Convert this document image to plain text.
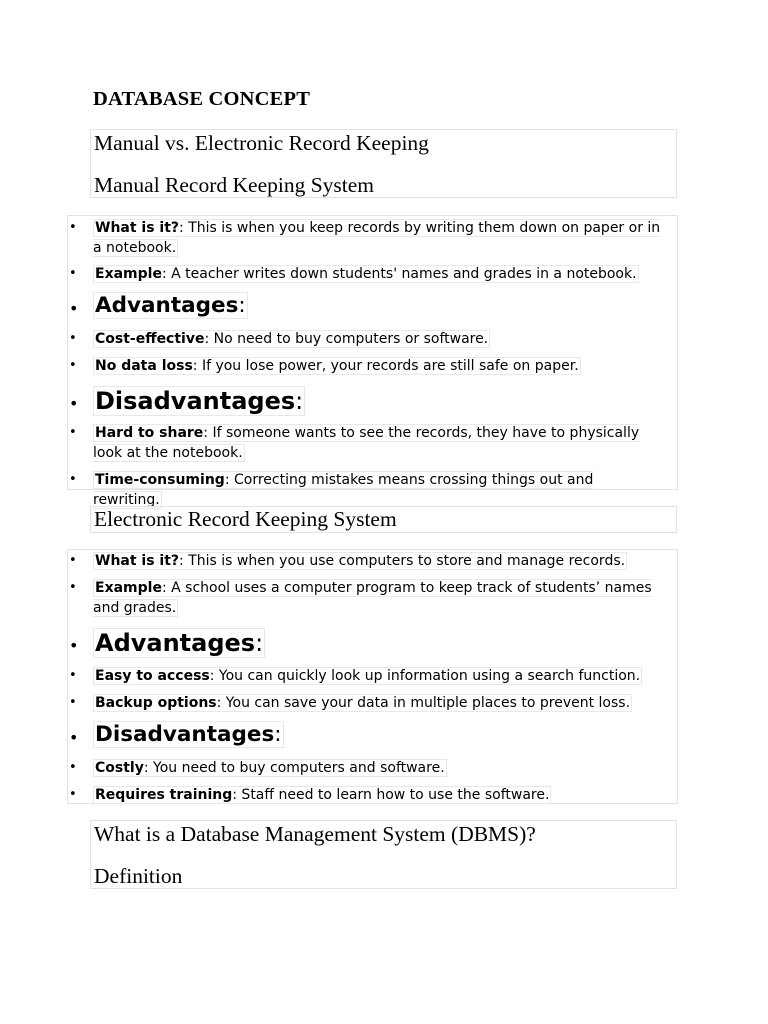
DATABASE CONCEPT
Manual vs. Electronic Record Keeping
Manual Record Keeping System
• What is it?: This is when you keep records by writing them down on paper or in a notebook.
• Example: A teacher writes down students' names and grades in a notebook.
• Advantages:
• Cost-effective: No need to buy computers or software.
• No data loss: If you lose power, your records are still safe on paper.
• Disadvantages:
• Hard to share: If someone wants to see the records, they have to physically look at the notebook.
• Time-consuming: Correcting mistakes means crossing things out and rewriting.
Electronic Record Keeping System
• What is it?: This is when you use computers to store and manage records.
• Example: A school uses a computer program to keep track of students’ names and grades.
• Advantages:
• Easy to access: You can quickly look up information using a search function.
• Backup options: You can save your data in multiple places to prevent loss.
• Disadvantages:
• Costly: You need to buy computers and software.
• Requires training: Staff need to learn how to use the software.
What is a Database Management System (DBMS)?
Definition
